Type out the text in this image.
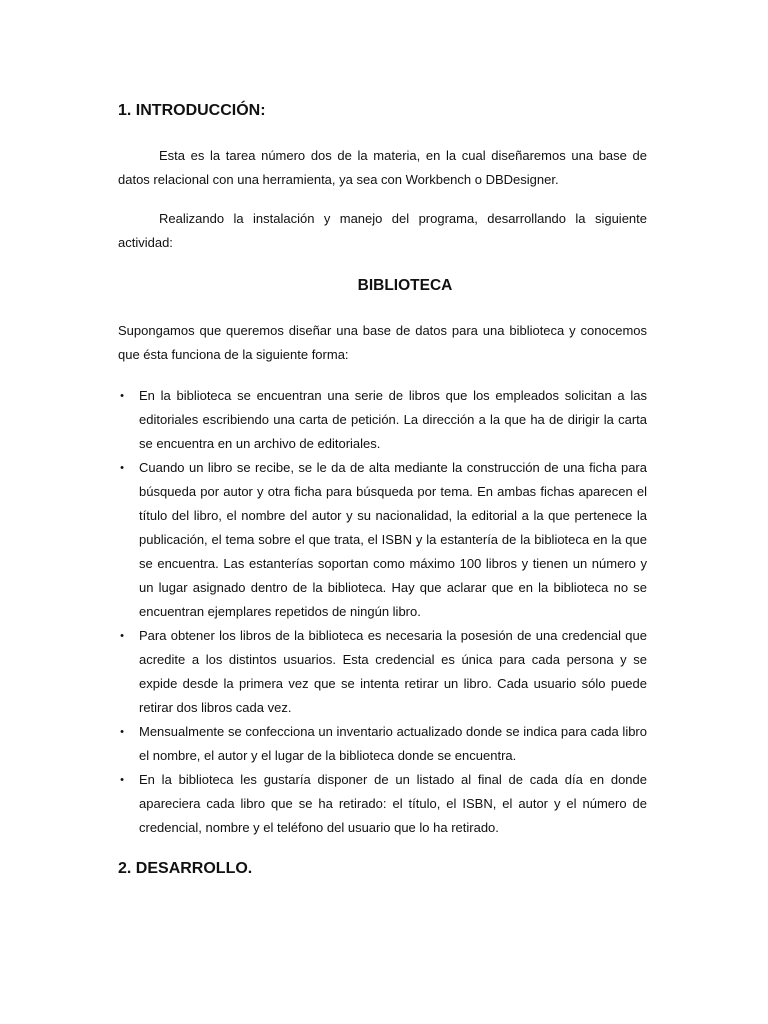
1. INTRODUCCIÓN:

Esta es la tarea número dos de la materia, en la cual diseñaremos una base de datos relacional con una herramienta, ya sea con Workbench o DBDesigner.

Realizando la instalación y manejo del programa, desarrollando la siguiente actividad:

BIBLIOTECA

Supongamos que queremos diseñar una base de datos para una biblioteca y conocemos que ésta funciona de la siguiente forma:

• En la biblioteca se encuentran una serie de libros que los empleados solicitan a las editoriales escribiendo una carta de petición. La dirección a la que ha de dirigir la carta se encuentra en un archivo de editoriales.
• Cuando un libro se recibe, se le da de alta mediante la construcción de una ficha para búsqueda por autor y otra ficha para búsqueda por tema. En ambas fichas aparecen el título del libro, el nombre del autor y su nacionalidad, la editorial a la que pertenece la publicación, el tema sobre el que trata, el ISBN y la estantería de la biblioteca en la que se encuentra. Las estanterías soportan como máximo 100 libros y tienen un número y un lugar asignado dentro de la biblioteca. Hay que aclarar que en la biblioteca no se encuentran ejemplares repetidos de ningún libro.
• Para obtener los libros de la biblioteca es necesaria la posesión de una credencial que acredite a los distintos usuarios. Esta credencial es única para cada persona y se expide desde la primera vez que se intenta retirar un libro. Cada usuario sólo puede retirar dos libros cada vez.
• Mensualmente se confecciona un inventario actualizado donde se indica para cada libro el nombre, el autor y el lugar de la biblioteca donde se encuentra.
• En la biblioteca les gustaría disponer de un listado al final de cada día en donde apareciera cada libro que se ha retirado: el título, el ISBN, el autor y el número de credencial, nombre y el teléfono del usuario que lo ha retirado.
2. DESARROLLO.
